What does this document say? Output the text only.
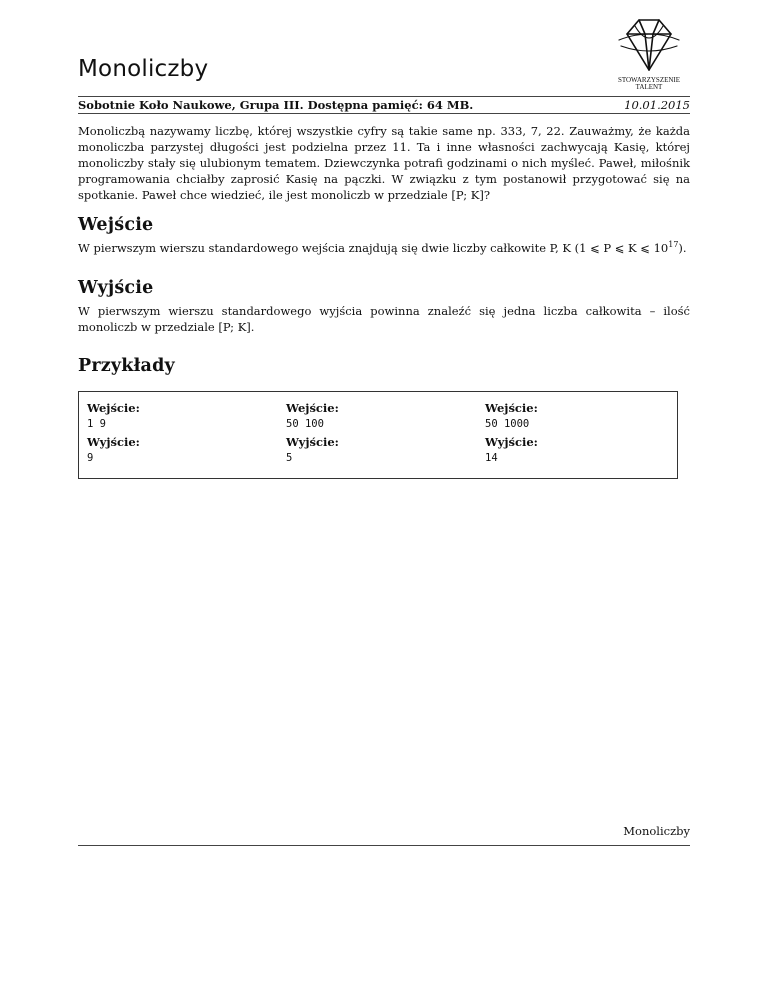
Monoliczby	STOWARZYSZENIE
TALENT
Sobotnie Koło Naukowe, Grupa III. Dostępna pamięć: 64 MB.	10.01.2015
Monoliczbą nazywamy liczbę, której wszystkie cyfry są takie same np. 333, 7, 22. Zauważmy, że każda monoliczba parzystej długości jest podzielna przez 11. Ta i inne własności zachwycają Kasię, której monoliczby stały się ulubionym tematem. Dziewczynka potrafi godzinami o nich myśleć. Paweł, miłośnik programowania chciałby zaprosić Kasię na pączki. W związku z tym postanowił przygotować się na spotkanie. Paweł chce wiedzieć, ile jest monoliczb w przedziale [P; K]?
Wejście
W pierwszym wierszu standardowego wejścia znajdują się dwie liczby całkowite P, K (1 ⩽ P ⩽ K ⩽ $10^{17}$).
Wyjście
W pierwszym wierszu standardowego wyjścia powinna znaleźć się jedna liczba całkowita – ilość monoliczb w przedziale [P; K].
Przykłady
Wejście:
1 9
Wyjście:
9
Wejście:
50 100
Wyjście:
5
Wejście:
50 1000
Wyjście:
14
Monoliczby
